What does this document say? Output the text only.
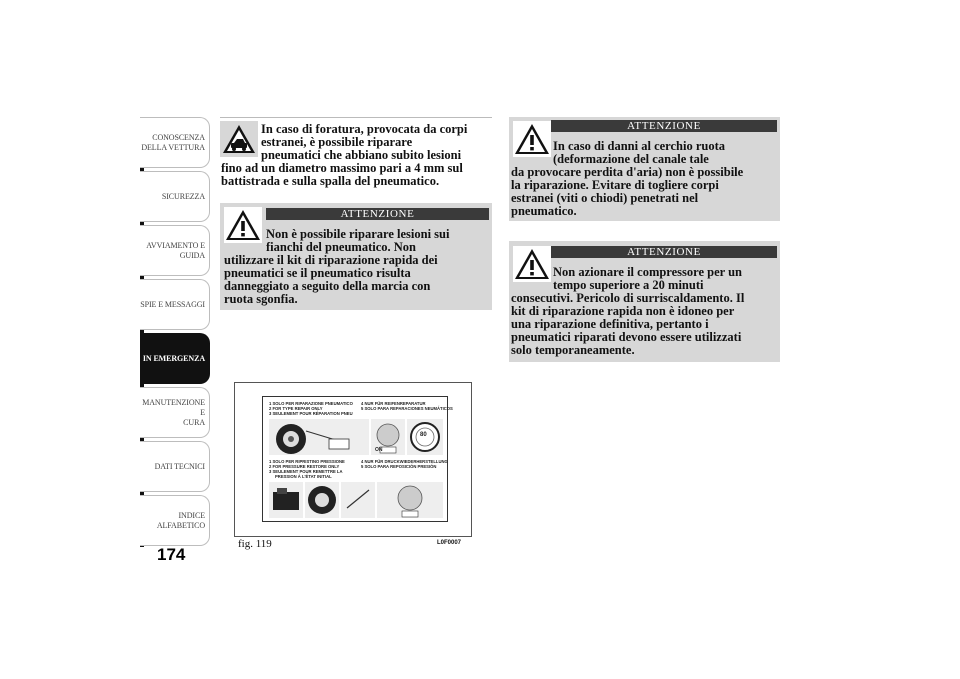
CONOSCENZA
DELLA VETTURA
SICUREZZA
AVVIAMENTO E
GUIDA
SPIE E MESSAGGI
IN EMERGENZA
MANUTENZIONE E
CURA
DATI TECNICI
INDICE
ALFABETICO
174
In caso di foratura, provocata da corpi
estranei, è possibile riparare
pneumatici che abbiano subito lesioni
fino ad un diametro massimo pari a 4 mm sul
battistrada e sulla spalla del pneumatico.
ATTENZIONE
Non è possibile riparare lesioni sui
fianchi del pneumatico. Non
utilizzare il kit di riparazione rapida dei
pneumatici se il pneumatico risulta
danneggiato a seguito della marcia con
ruota sgonfia.
1 SOLO PER RIPARAZIONE PNEUMATICO
2 FOR TYPE REPAIR ONLY
3 SEULEMENT POUR RÉPARATION PNEU
4 NUR FÜR REIFENREPARATUR
5 SOLO PARA REPARACIONES NEUMÁTICOS
ON
80
1 SOLO PER RIPRISTINO PRESSIONE
2 FOR PRESSURE RESTORE ONLY
3 SEULEMENT POUR REMETTRE LA
PRESSION À L'ÉTAT INITIAL
4 NUR FÜR DRUCKWIEDERHERSTELLUNG
5 SOLO PARA REPOSICIÓN PRESIÓN
fig. 119	L0F0007
ATTENZIONE
In caso di danni al cerchio ruota
(deformazione del canale tale
da provocare perdita d'aria) non è possibile
la riparazione. Evitare di togliere corpi
estranei (viti o chiodi) penetrati nel
pneumatico.
ATTENZIONE
Non azionare il compressore per un
tempo superiore a 20 minuti
consecutivi. Pericolo di surriscaldamento. Il
kit di riparazione rapida non è idoneo per
una riparazione definitiva, pertanto i
pneumatici riparati devono essere utilizzati
solo temporaneamente.
